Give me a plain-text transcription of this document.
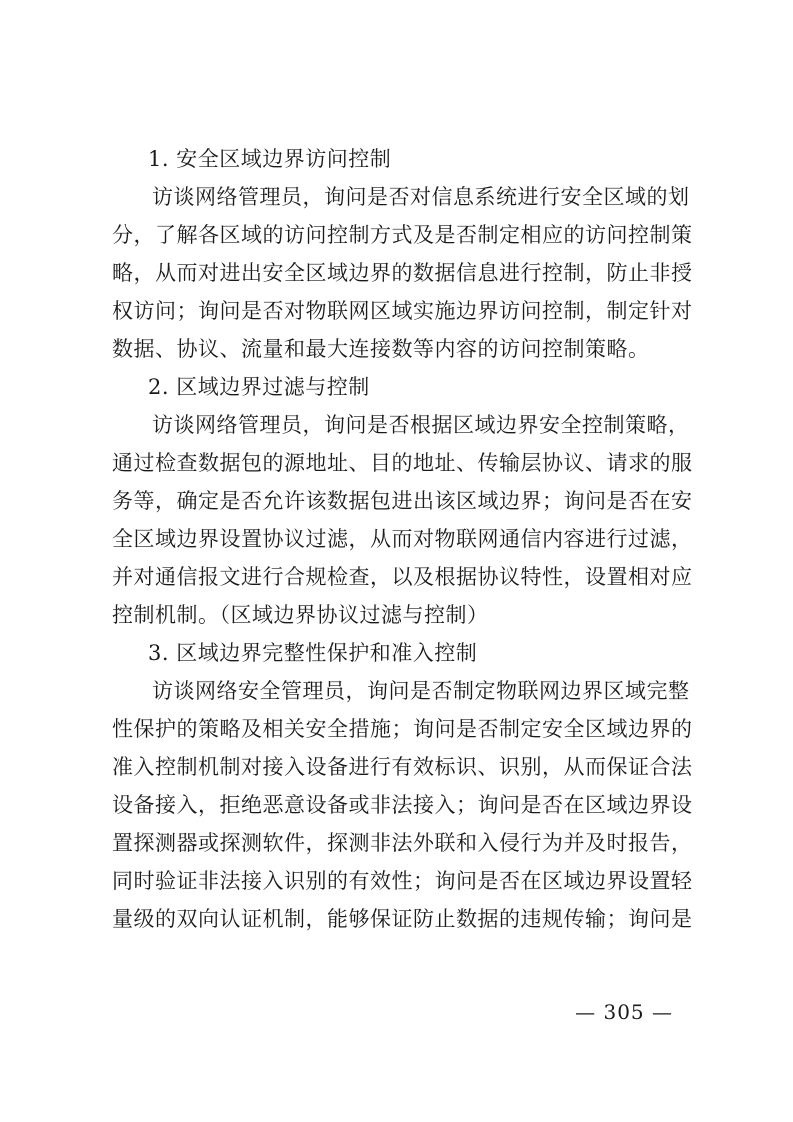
1. 安全区域边界访问控制
访谈网络管理员，询问是否对信息系统进行安全区域的划
分，了解各区域的访问控制方式及是否制定相应的访问控制策
略，从而对进出安全区域边界的数据信息进行控制，防止非授
权访问；询问是否对物联网区域实施边界访问控制，制定针对
数据、协议、流量和最大连接数等内容的访问控制策略。
2. 区域边界过滤与控制
访谈网络管理员，询问是否根据区域边界安全控制策略，
通过检查数据包的源地址、目的地址、传输层协议、请求的服
务等，确定是否允许该数据包进出该区域边界；询问是否在安
全区域边界设置协议过滤，从而对物联网通信内容进行过滤，
并对通信报文进行合规检查，以及根据协议特性，设置相对应
控制机制。（区域边界协议过滤与控制）
3. 区域边界完整性保护和准入控制
访谈网络安全管理员，询问是否制定物联网边界区域完整
性保护的策略及相关安全措施；询问是否制定安全区域边界的
准入控制机制对接入设备进行有效标识、识别，从而保证合法
设备接入，拒绝恶意设备或非法接入；询问是否在区域边界设
置探测器或探测软件，探测非法外联和入侵行为并及时报告，
同时验证非法接入识别的有效性；询问是否在区域边界设置轻
量级的双向认证机制，能够保证防止数据的违规传输；询问是
— 305 —
